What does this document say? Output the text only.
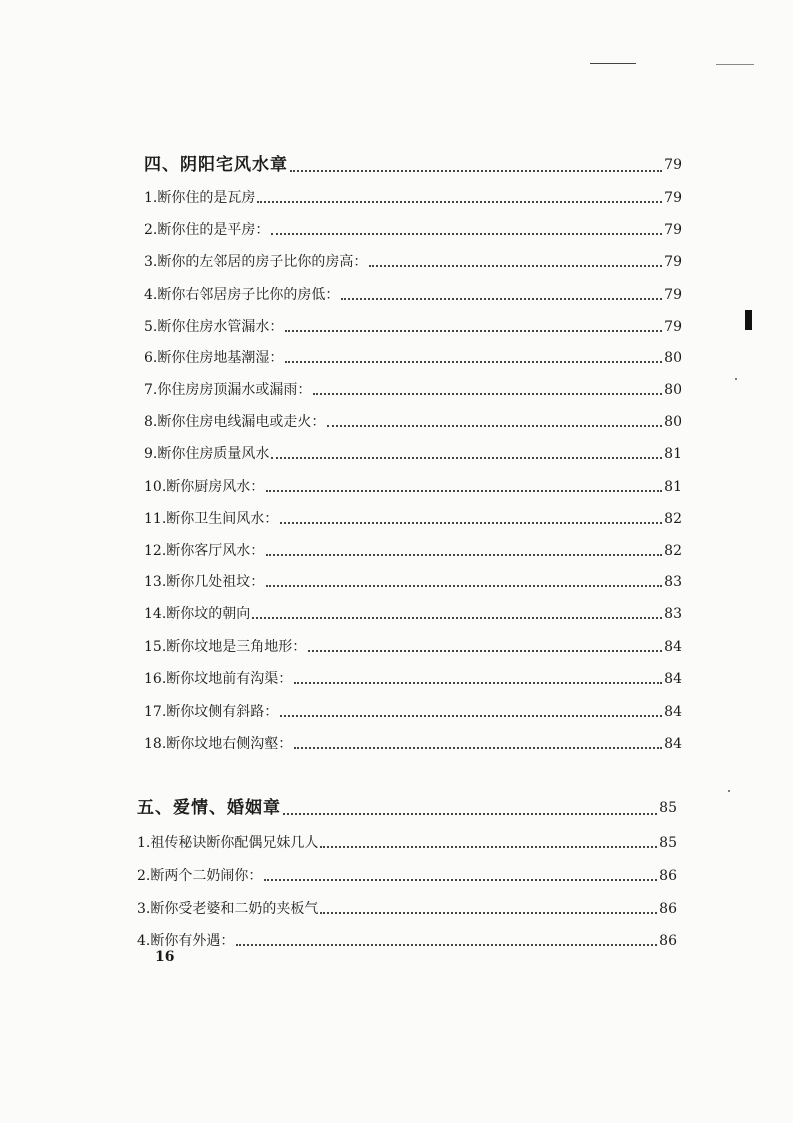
四、阴阳宅风水章	79
1.断你住的是瓦房	79
2.断你住的是平房：	79
3.断你的左邻居的房子比你的房高：	79
4.断你右邻居房子比你的房低：	79
5.断你住房水管漏水：	79
6.断你住房地基潮湿：	80
7.你住房房顶漏水或漏雨：	80
8.断你住房电线漏电或走火：	80
9.断你住房质量风水	81
10.断你厨房风水：	81
11.断你卫生间风水：	82
12.断你客厅风水：	82
13.断你几处祖坟：	83
14.断你坟的朝向	83
15.断你坟地是三角地形：	84
16.断你坟地前有沟渠：	84
17.断你坟侧有斜路：	84
18.断你坟地右侧沟壑：	84
五、爱情、婚姻章	85
1.祖传秘诀断你配偶兄妹几人	85
2.断两个二奶闹你：	86
3.断你受老婆和二奶的夹板气	86
4.断你有外遇：	86
16
